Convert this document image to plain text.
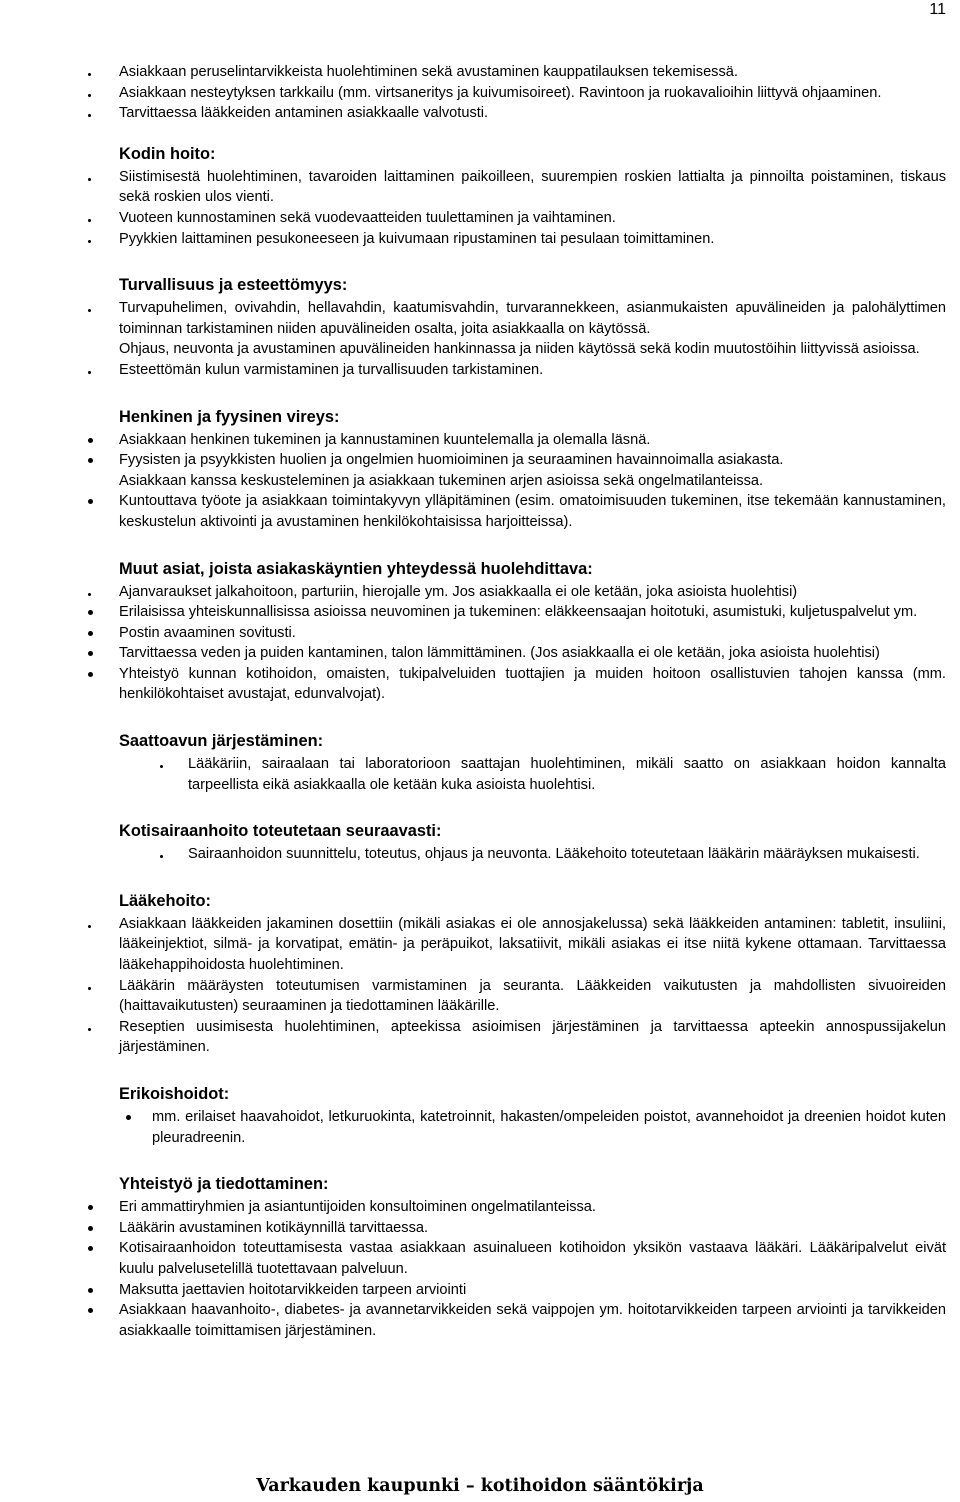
11
Asiakkaan peruselintarvikkeista huolehtiminen sekä avustaminen kauppatilauksen tekemisessä.
Asiakkaan nesteytyksen tarkkailu (mm. virtsaneritys ja kuivumisoireet). Ravintoon ja ruokavalioihin liittyvä ohjaaminen.
Tarvittaessa lääkkeiden antaminen asiakkaalle valvotusti.
Kodin hoito:
Siistimisestä huolehtiminen, tavaroiden laittaminen paikoilleen, suurempien roskien lattialta ja pinnoilta poistaminen, tiskaus sekä roskien ulos vienti.
Vuoteen kunnostaminen sekä vuodevaatteiden tuulettaminen ja vaihtaminen.
Pyykkien laittaminen pesukoneeseen ja kuivumaan ripustaminen tai pesulaan toimittaminen.
Turvallisuus ja esteettömyys:
Turvapuhelimen, ovivahdin, hellavahdin, kaatumisvahdin, turvarannekkeen, asianmukaisten apuvälineiden ja palohälyttimen toiminnan tarkistaminen niiden apuvälineiden osalta, joita asiakkaalla on käytössä.
Ohjaus, neuvonta ja avustaminen apuvälineiden hankinnassa ja niiden käytössä sekä kodin muutostöihin liittyvissä asioissa.
Esteettömän kulun varmistaminen ja turvallisuuden tarkistaminen.
Henkinen ja fyysinen vireys:
Asiakkaan henkinen tukeminen ja kannustaminen kuuntelemalla ja olemalla läsnä.
Fyysisten ja psyykkisten huolien ja ongelmien huomioiminen ja seuraaminen havainnoimalla asiakasta.
Asiakkaan kanssa keskusteleminen ja asiakkaan tukeminen arjen asioissa sekä ongelmatilanteissa.
Kuntouttava työote ja asiakkaan toimintakyvyn ylläpitäminen (esim. omatoimisuuden tukeminen, itse tekemään kannustaminen, keskustelun aktivointi ja avustaminen henkilökohtaisissa harjoitteissa).
Muut asiat, joista asiakaskäyntien yhteydessä huolehdittava:
Ajanvaraukset jalkahoitoon, parturiin, hierojalle ym. Jos asiakkaalla ei ole ketään, joka asioista huolehtisi)
Erilaisissa yhteiskunnallisissa asioissa neuvominen ja tukeminen: eläkkeensaajan hoitotuki, asumistuki, kuljetuspalvelut ym.
Postin avaaminen sovitusti.
Tarvittaessa veden ja puiden kantaminen, talon lämmittäminen. (Jos asiakkaalla ei ole ketään, joka asioista huolehtisi)
Yhteistyö kunnan kotihoidon, omaisten, tukipalveluiden tuottajien ja muiden hoitoon osallistuvien tahojen kanssa (mm. henkilökohtaiset avustajat, edunvalvojat).
Saattoavun järjestäminen:
Lääkäriin, sairaalaan tai laboratorioon saattajan huolehtiminen, mikäli saatto on asiakkaan hoidon kannalta tarpeellista eikä asiakkaalla ole ketään kuka asioista huolehtisi.
Kotisairaanhoito toteutetaan seuraavasti:
Sairaanhoidon suunnittelu, toteutus, ohjaus ja neuvonta. Lääkehoito toteutetaan lääkärin määräyksen mukaisesti.
Lääkehoito:
Asiakkaan lääkkeiden jakaminen dosettiin (mikäli asiakas ei ole annosjakelussa) sekä lääkkeiden antaminen: tabletit, insuliini, lääkeinjektiot, silmä- ja korvatipat, emätin- ja peräpuikot, laksatiivit, mikäli asiakas ei itse niitä kykene ottamaan. Tarvittaessa lääkehappihoidosta huolehtiminen.
Lääkärin määräysten toteutumisen varmistaminen ja seuranta. Lääkkeiden vaikutusten ja mahdollisten sivuoireiden (haittavaikutusten) seuraaminen ja tiedottaminen lääkärille.
Reseptien uusimisesta huolehtiminen, apteekissa asioimisen järjestäminen ja tarvittaessa apteekin annospussijakelun järjestäminen.
Erikoishoidot:
mm. erilaiset haavahoidot, letkuruokinta, katetroinnit, hakasten/ompeleiden poistot, avannehoidot ja dreenien hoidot kuten pleuradreenin.
Yhteistyö ja tiedottaminen:
Eri ammattiryhmien ja asiantuntijoiden konsultoiminen ongelmatilanteissa.
Lääkärin avustaminen kotikäynnillä tarvittaessa.
Kotisairaanhoidon toteuttamisesta vastaa asiakkaan asuinalueen kotihoidon yksikön vastaava lääkäri. Lääkäripalvelut eivät kuulu palvelusetelillä tuotettavaan palveluun.
Maksutta jaettavien hoitotarvikkeiden tarpeen arviointi
Asiakkaan haavanhoito-, diabetes- ja avannetarvikkeiden sekä vaippojen ym. hoitotarvikkeiden tarpeen arviointi ja tarvikkeiden asiakkaalle toimittamisen järjestäminen.
Varkauden kaupunki – kotihoidon sääntökirja
